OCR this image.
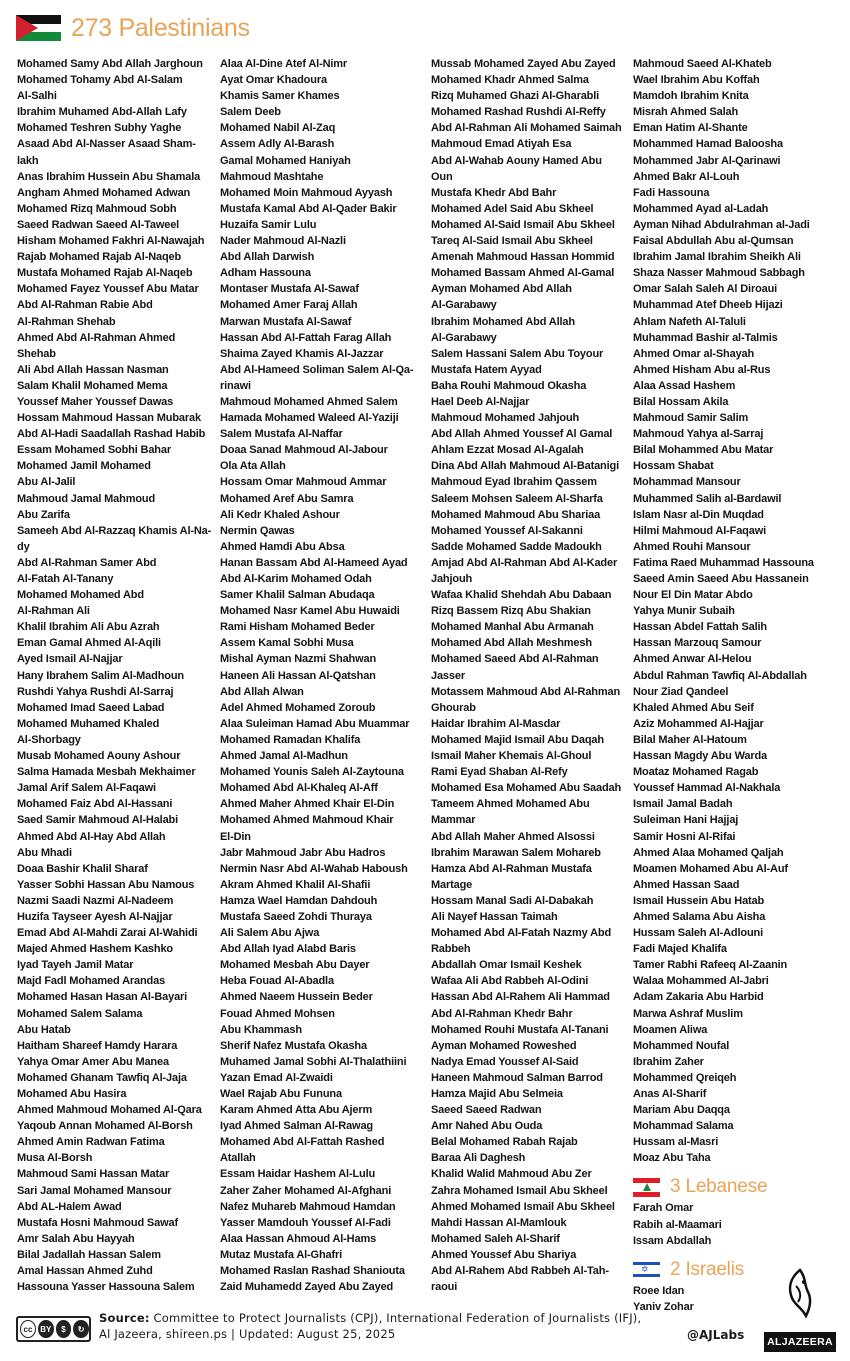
273 Palestinians
Mohamed Samy Abd Allah Jarghoun
Mohamed Tohamy Abd Al-Salam
Al-Salhi
Ibrahim Muhamed Abd-Allah Lafy
Mohamed Teshren Subhy Yaghe
Asaad Abd Al-Nasser Asaad Sham-
lakh
Anas Ibrahim Hussein Abu Shamala
Angham Ahmed Mohamed Adwan
Mohamed Rizq Mahmoud Sobh
Saeed Radwan Saeed Al-Taweel
Hisham Mohamed Fakhri Al-Nawajah
Rajab Mohamed Rajab Al-Naqeb
Mustafa Mohamed Rajab Al-Naqeb
Mohamed Fayez Youssef Abu Matar
Abd Al-Rahman Rabie Abd
Al-Rahman Shehab
Ahmed Abd Al-Rahman Ahmed
Shehab
Ali Abd Allah Hassan Nasman
Salam Khalil Mohamed Mema
Youssef Maher Youssef Dawas
Hossam Mahmoud Hassan Mubarak
Abd Al-Hadi Saadallah Rashad Habib
Essam Mohamed Sobhi Bahar
Mohamed Jamil Mohamed
Abu Al-Jalil
Mahmoud Jamal Mahmoud
Abu Zarifa
Sameeh Abd Al-Razzaq Khamis Al-Na-
dy
Abd Al-Rahman Samer Abd
Al-Fatah Al-Tanany
Mohamed Mohamed Abd
Al-Rahman Ali
Khalil Ibrahim Ali Abu Azrah
Eman Gamal Ahmed Al-Aqili
Ayed Ismail Al-Najjar
Hany Ibrahem Salim Al-Madhoun
Rushdi Yahya Rushdi Al-Sarraj
Mohamed Imad Saeed Labad
Mohamed Muhamed Khaled
Al-Shorbagy
Musab Mohamed Aouny Ashour
Salma Hamada Mesbah Mekhaimer
Jamal Arif Salem Al-Faqawi
Mohamed Faiz Abd Al-Hassani
Saed Samir Mahmoud Al-Halabi
Ahmed Abd Al-Hay Abd Allah
Abu Mhadi
Doaa Bashir Khalil Sharaf
Yasser Sobhi Hassan Abu Namous
Nazmi Saadi Nazmi Al-Nadeem
Huzifa Tayseer Ayesh Al-Najjar
Emad Abd Al-Mahdi Zarai Al-Wahidi
Majed Ahmed Hashem Kashko
Iyad Tayeh Jamil Matar
Majd Fadl Mohamed Arandas
Mohamed Hasan Hasan Al-Bayari
Mohamed Salem Salama
Abu Hatab
Haitham Shareef Hamdy Harara
Yahya Omar Amer Abu Manea
Mohamed Ghanam Tawfiq Al-Jaja
Mohamed Abu Hasira
Ahmed Mahmoud Mohamed Al-Qara
Yaqoub Annan Mohamed Al-Borsh
Ahmed Amin Radwan Fatima
Musa Al-Borsh
Mahmoud Sami Hassan Matar
Sari Jamal Mohamed Mansour
Abd AL-Halem Awad
Mustafa Hosni Mahmoud Sawaf
Amr Salah Abu Hayyah
Bilal Jadallah Hassan Salem
Amal Hassan Ahmed Zuhd
Hassouna Yasser Hassouna Salem
Alaa Al-Dine Atef Al-Nimr
Ayat Omar Khadoura
Khamis Samer Khames
Salem Deeb
Mohamed Nabil Al-Zaq
Assem Adly Al-Barash
Gamal Mohamed Haniyah
Mahmoud Mashtahe
Mohamed Moin Mahmoud Ayyash
Mustafa Kamal Abd Al-Qader Bakir
Huzaifa Samir Lulu
Nader Mahmoud Al-Nazli
Abd Allah Darwish
Adham Hassouna
Montaser Mustafa Al-Sawaf
Mohamed Amer Faraj Allah
Marwan Mustafa Al-Sawaf
Hassan Abd Al-Fattah Farag Allah
Shaima Zayed Khamis Al-Jazzar
Abd Al-Hameed Soliman Salem Al-Qa-
rinawi
Mahmoud Mohamed Ahmed Salem
Hamada Mohamed Waleed Al-Yaziji
Salem Mustafa Al-Naffar
Doaa Sanad Mahmoud Al-Jabour
Ola Ata Allah
Hossam Omar Mahmoud Ammar
Mohamed Aref Abu Samra
Ali Kedr Khaled Ashour
Nermin Qawas
Ahmed Hamdi Abu Absa
Hanan Bassam Abd Al-Hameed Ayad
Abd Al-Karim Mohamed Odah
Samer Khalil Salman Abudaqa
Mohamed Nasr Kamel Abu Huwaidi
Rami Hisham Mohamed Beder
Assem Kamal Sobhi Musa
Mishal Ayman Nazmi Shahwan
Haneen Ali Hassan Al-Qatshan
Abd Allah Alwan
Adel Ahmed Mohamed Zoroub
Alaa Suleiman Hamad Abu Muammar
Mohamed Ramadan Khalifa
Ahmed Jamal Al-Madhun
Mohamed Younis Saleh Al-Zaytouna
Mohamed Abd Al-Khaleq Al-Aff
Ahmed Maher Ahmed Khair El-Din
Mohamed Ahmed Mahmoud Khair
El-Din
Jabr Mahmoud Jabr Abu Hadros
Nermin Nasr Abd Al-Wahab Haboush
Akram Ahmed Khalil Al-Shafii
Hamza Wael Hamdan Dahdouh
Mustafa Saeed Zohdi Thuraya
Ali Salem Abu Ajwa
Abd Allah Iyad Alabd Baris
Mohamed Mesbah Abu Dayer
Heba Fouad Al-Abadla
Ahmed Naeem Hussein Beder
Fouad Ahmed Mohsen
Abu Khammash
Sherif Nafez Mustafa Okasha
Muhamed Jamal Sobhi Al-Thalathiini
Yazan Emad Al-Zwaidi
Wael Rajab Abu Fununa
Karam Ahmed Atta Abu Ajerm
Iyad Ahmed Salman Al-Rawag
Mohamed Abd Al-Fattah Rashed
Atallah
Essam Haidar Hashem Al-Lulu
Zaher Zaher Mohamed Al-Afghani
Nafez Muhareb Mahmoud Hamdan
Yasser Mamdouh Youssef Al-Fadi
Alaa Hassan Ahmoud Al-Hams
Mutaz Mustafa Al-Ghafri
Mohamed Raslan Rashad Shaniouta
Zaid Muhamedd Zayed Abu Zayed
Mussab Mohamed Zayed Abu Zayed
Mohamed Khadr Ahmed Salma
Rizq Muhamed Ghazi Al-Gharabli
Mohamed Rashad Rushdi Al-Reffy
Abd Al-Rahman Ali Mohamed Saimah
Mahmoud Emad Atiyah Esa
Abd Al-Wahab Aouny Hamed Abu
Oun
Mustafa Khedr Abd Bahr
Mohamed Adel Said Abu Skheel
Mohamed Al-Said Ismail Abu Skheel
Tareq Al-Said Ismail Abu Skheel
Amenah Mahmoud Hassan Hommid
Mohamed Bassam Ahmed Al-Gamal
Ayman Mohamed Abd Allah
Al-Garabawy
Ibrahim Mohamed Abd Allah
Al-Garabawy
Salem Hassani Salem Abu Toyour
Mustafa Hatem Ayyad
Baha Rouhi Mahmoud Okasha
Hael Deeb Al-Najjar
Mahmoud Mohamed Jahjouh
Abd Allah Ahmed Youssef Al Gamal
Ahlam Ezzat Mosad Al-Agalah
Dina Abd Allah Mahmoud Al-Batanigi
Mahmoud Eyad Ibrahim Qassem
Saleem Mohsen Saleem Al-Sharfa
Mohamed Mahmoud Abu Shariaa
Mohamed Youssef Al-Sakanni
Sadde Mohamed Sadde Madoukh
Amjad Abd Al-Rahman Abd Al-Kader
Jahjouh
Wafaa Khalid Shehdah Abu Dabaan
Rizq Bassem Rizq Abu Shakian
Mohamed Manhal Abu Armanah
Mohamed Abd Allah Meshmesh
Mohamed Saeed Abd Al-Rahman
Jasser
Motassem Mahmoud Abd Al-Rahman
Ghourab
Haidar Ibrahim Al-Masdar
Mohamed Majid Ismail Abu Daqah
Ismail Maher Khemais Al-Ghoul
Rami Eyad Shaban Al-Refy
Mohamed Esa Mohamed Abu Saadah
Tameem Ahmed Mohamed Abu
Mammar
Abd Allah Maher Ahmed Alsossi
Ibrahim Marawan Salem Mohareb
Hamza Abd Al-Rahman Mustafa
Martage
Hossam Manal Sadi Al-Dabakah
Ali Nayef Hassan Taimah
Mohamed Abd Al-Fatah Nazmy Abd
Rabbeh
Abdallah Omar Ismail Keshek
Wafaa Ali Abd Rabbeh Al-Odini
Hassan Abd Al-Rahem Ali Hammad
Abd Al-Rahman Khedr Bahr
Mohamed Rouhi Mustafa Al-Tanani
Ayman Mohamed Roweshed
Nadya Emad Youssef Al-Said
Haneen Mahmoud Salman Barrod
Hamza Majid Abu Selmeia
Saeed Saeed Radwan
Amr Nahed Abu Ouda
Belal Mohamed Rabah Rajab
Baraa Ali Daghesh
Khalid Walid Mahmoud Abu Zer
Zahra Mohamed Ismail Abu Skheel
Ahmed Mohamed Ismail Abu Skheel
Mahdi Hassan Al-Mamlouk
Mohamed Saleh Al-Sharif
Ahmed Youssef Abu Shariya
Abd Al-Rahem Abd Rabbeh Al-Tah-
raoui
Mahmoud Saeed Al-Khateb
Wael Ibrahim Abu Koffah
Mamdoh Ibrahim Knita
Misrah Ahmed Salah
Eman Hatim Al-Shante
Mohammed Hamad Baloosha
Mohammed Jabr Al-Qarinawi
Ahmed Bakr Al-Louh
Fadi Hassouna
Mohammed Ayad al-Ladah
Ayman Nihad Abdulrahman al-Jadi
Faisal Abdullah Abu al-Qumsan
Ibrahim Jamal Ibrahim Sheikh Ali
Shaza Nasser Mahmoud Sabbagh
Omar Salah Saleh Al Diroaui
Muhammad Atef Dheeb Hijazi
Ahlam Nafeth Al-Taluli
Muhammad Bashir al-Talmis
Ahmed Omar al-Shayah
Ahmed Hisham Abu al-Rus
Alaa Assad Hashem
Bilal Hossam Akila
Mahmoud Samir Salim
Mahmoud Yahya al-Sarraj
Bilal Mohammed Abu Matar
Hossam Shabat
Mohammad Mansour
Muhammed Salih al-Bardawil
Islam Nasr al-Din Muqdad
Hilmi Mahmoud Al-Faqawi
Ahmed Rouhi Mansour
Fatima Raed Muhammad Hassouna
Saeed Amin Saeed Abu Hassanein
Nour El Din Matar Abdo
Yahya Munir Subaih
Hassan Abdel Fattah Salih
Hassan Marzouq Samour
Ahmed Anwar Al-Helou
Abdul Rahman Tawfiq Al-Abdallah
Nour Ziad Qandeel
Khaled Ahmed Abu Seif
Aziz Mohammed Al-Hajjar
Bilal Maher Al-Hatoum
Hassan Magdy Abu Warda
Moataz Mohamed Ragab
Youssef Hammad Al-Nakhala
Ismail Jamal Badah
Suleiman Hani Hajjaj
Samir Hosni Al-Rifai
Ahmed Alaa Mohamed Qaljah
Moamen Mohamed Abu Al-Auf
Ahmed Hassan Saad
Ismail Hussein Abu Hatab
Ahmed Salama Abu Aisha
Hussam Saleh Al-Adlouni
Fadi Majed Khalifa
Tamer Rabhi Rafeeq Al-Zaanin
Walaa Mohammed Al-Jabri
Adam Zakaria Abu Harbid
Marwa Ashraf Muslim
Moamen Aliwa
Mohammed Noufal
Ibrahim Zaher
Mohammed Qreiqeh
Anas Al-Sharif
Mariam Abu Daqqa
Mohammad Salama
Hussam al-Masri
Moaz Abu Taha
3 Lebanese
Farah Omar
Rabih al-Maamari
Issam Abdallah
✡ 2 Israelis
Roee Idan
Yaniv Zohar
cc BY	$	↻
Source: Committee to Protect Journalists (CPJ), International Federation of Journalists (IFJ),
Al Jazeera, shireen.ps | Updated: August 25, 2025	@AJLabs ALJAZEERA
